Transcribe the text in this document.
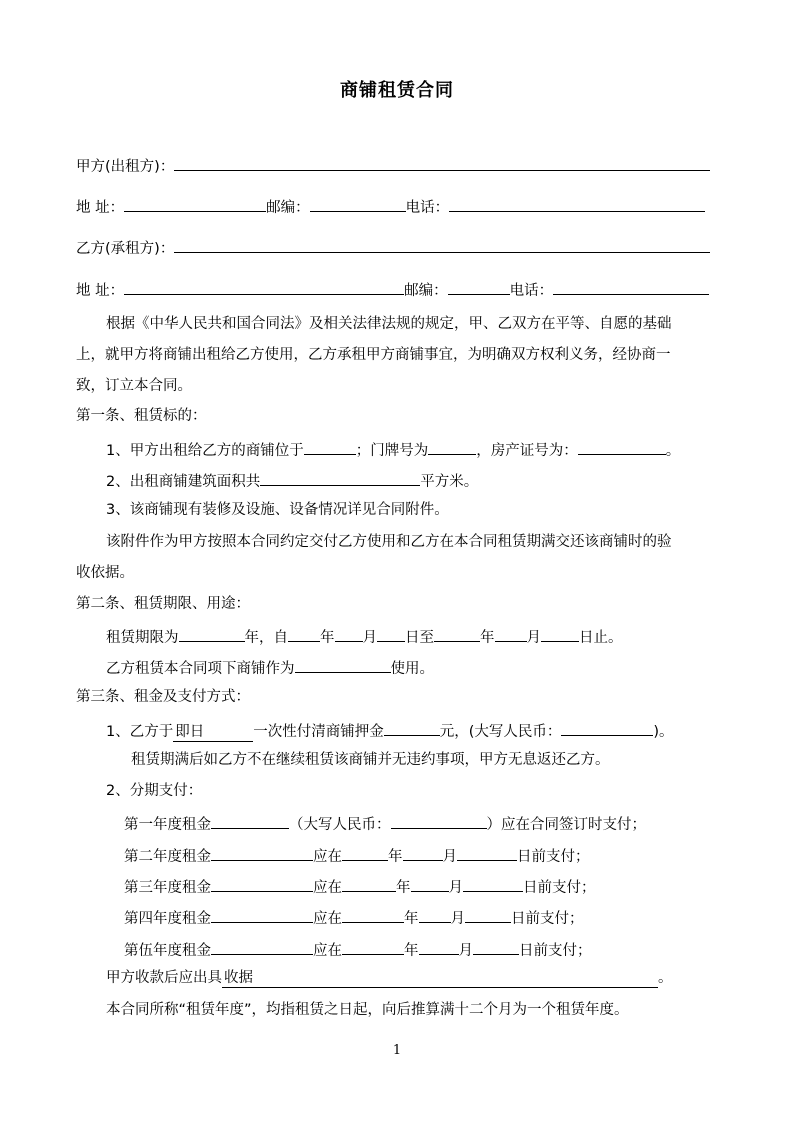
商铺租赁合同
甲方(出租方)：
地 址：	邮编：	电话：
乙方(承租方)：
地 址：	邮编：	电话：
根据《中华人民共和国合同法》及相关法律法规的规定，甲、乙双方在平等、自愿的基础
上，就甲方将商铺出租给乙方使用，乙方承租甲方商铺事宜，为明确双方权利义务，经协商一
致，订立本合同。
第一条、租赁标的：
1、甲方出租给乙方的商铺位于	；门牌号为	，房产证号为：	。
2、出租商铺建筑面积共	平方米。
3、该商铺现有装修及设施、设备情况详见合同附件。
该附件作为甲方按照本合同约定交付乙方使用和乙方在本合同租赁期满交还该商铺时的验
收依据。
第二条、租赁期限、用途：
租赁期限为	年，自 年 月 日至	年 月	日止。
乙方租赁本合同项下商铺作为	使用。
第三条、租金及支付方式：
1、乙方于 即日	一次性付清商铺押金	元，(大写人民币：	)。
租赁期满后如乙方不在继续租赁该商铺并无违约事项，甲方无息返还乙方。
2、分期支付：
第一年度租金	（大写人民币：	）应在合同签订时支付；
第二年度租金	应在	年	月	日前支付；
第三年度租金	应在	年	月	日前支付；
第四年度租金	应在	年 月	日前支付；
第伍年度租金	应在	年	月	日前支付；
甲方收款后应出具 收据	。
本合同所称“租赁年度”，均指租赁之日起，向后推算满十二个月为一个租赁年度。
1
